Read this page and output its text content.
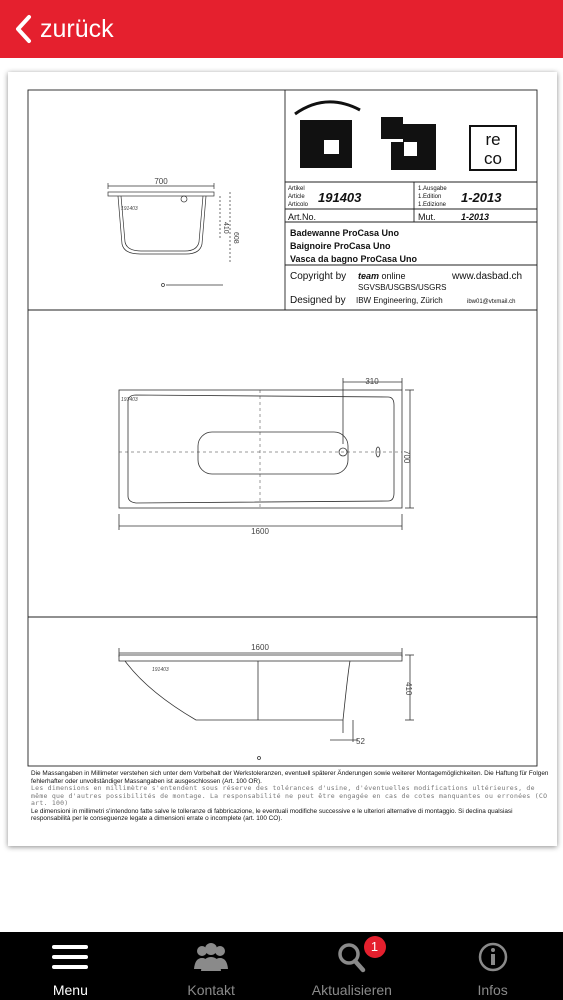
zurück
re
co
Artikel
Article
Articolo 191403
1.Ausgabe
1.Edition
1.Edizione 1-2013
Art.No.	Mut.	1-2013
Badewanne ProCasa Uno
Baignoire ProCasa Uno
Vasca da bagno ProCasa Uno
Copyright by team online	www.dasbad.ch
SGVSB/USGBS/USGRS
Designed by IBW Engineering, Zürich	ibw01@vtxmail.ch
700
191403
410
608
1600
310
700
191403
1600
410
52
191403
Die Massangaben in Millimeter verstehen sich unter dem Vorbehalt der Werkstoleranzen, eventuell späterer Änderungen sowie weiterer Montagemöglichkeiten. Die Haftung für Folgen fehlerhafter oder unvollständiger Massangaben ist ausgeschlossen (Art. 100 OR).
Les dimensions en millimètre s'entendent sous réserve des tolérances d'usine, d'éventuelles modifications ultérieures, de même que d'autres possibilités de montage. La responsabilité ne peut être engagée en cas de cotes manquantes ou erronées (CO art. 100)
Le dimensioni in millimetri s'intendono fatte salve le tolleranze di fabbricazione, le eventuali modifiche successive e le ulteriori alternative di montaggio. Si declina qualsiasi responsabilità per le conseguenze legate a dimensioni errate o incomplete (art. 100 CO).
Menu	Kontakt
1
Aktualisieren	Infos
